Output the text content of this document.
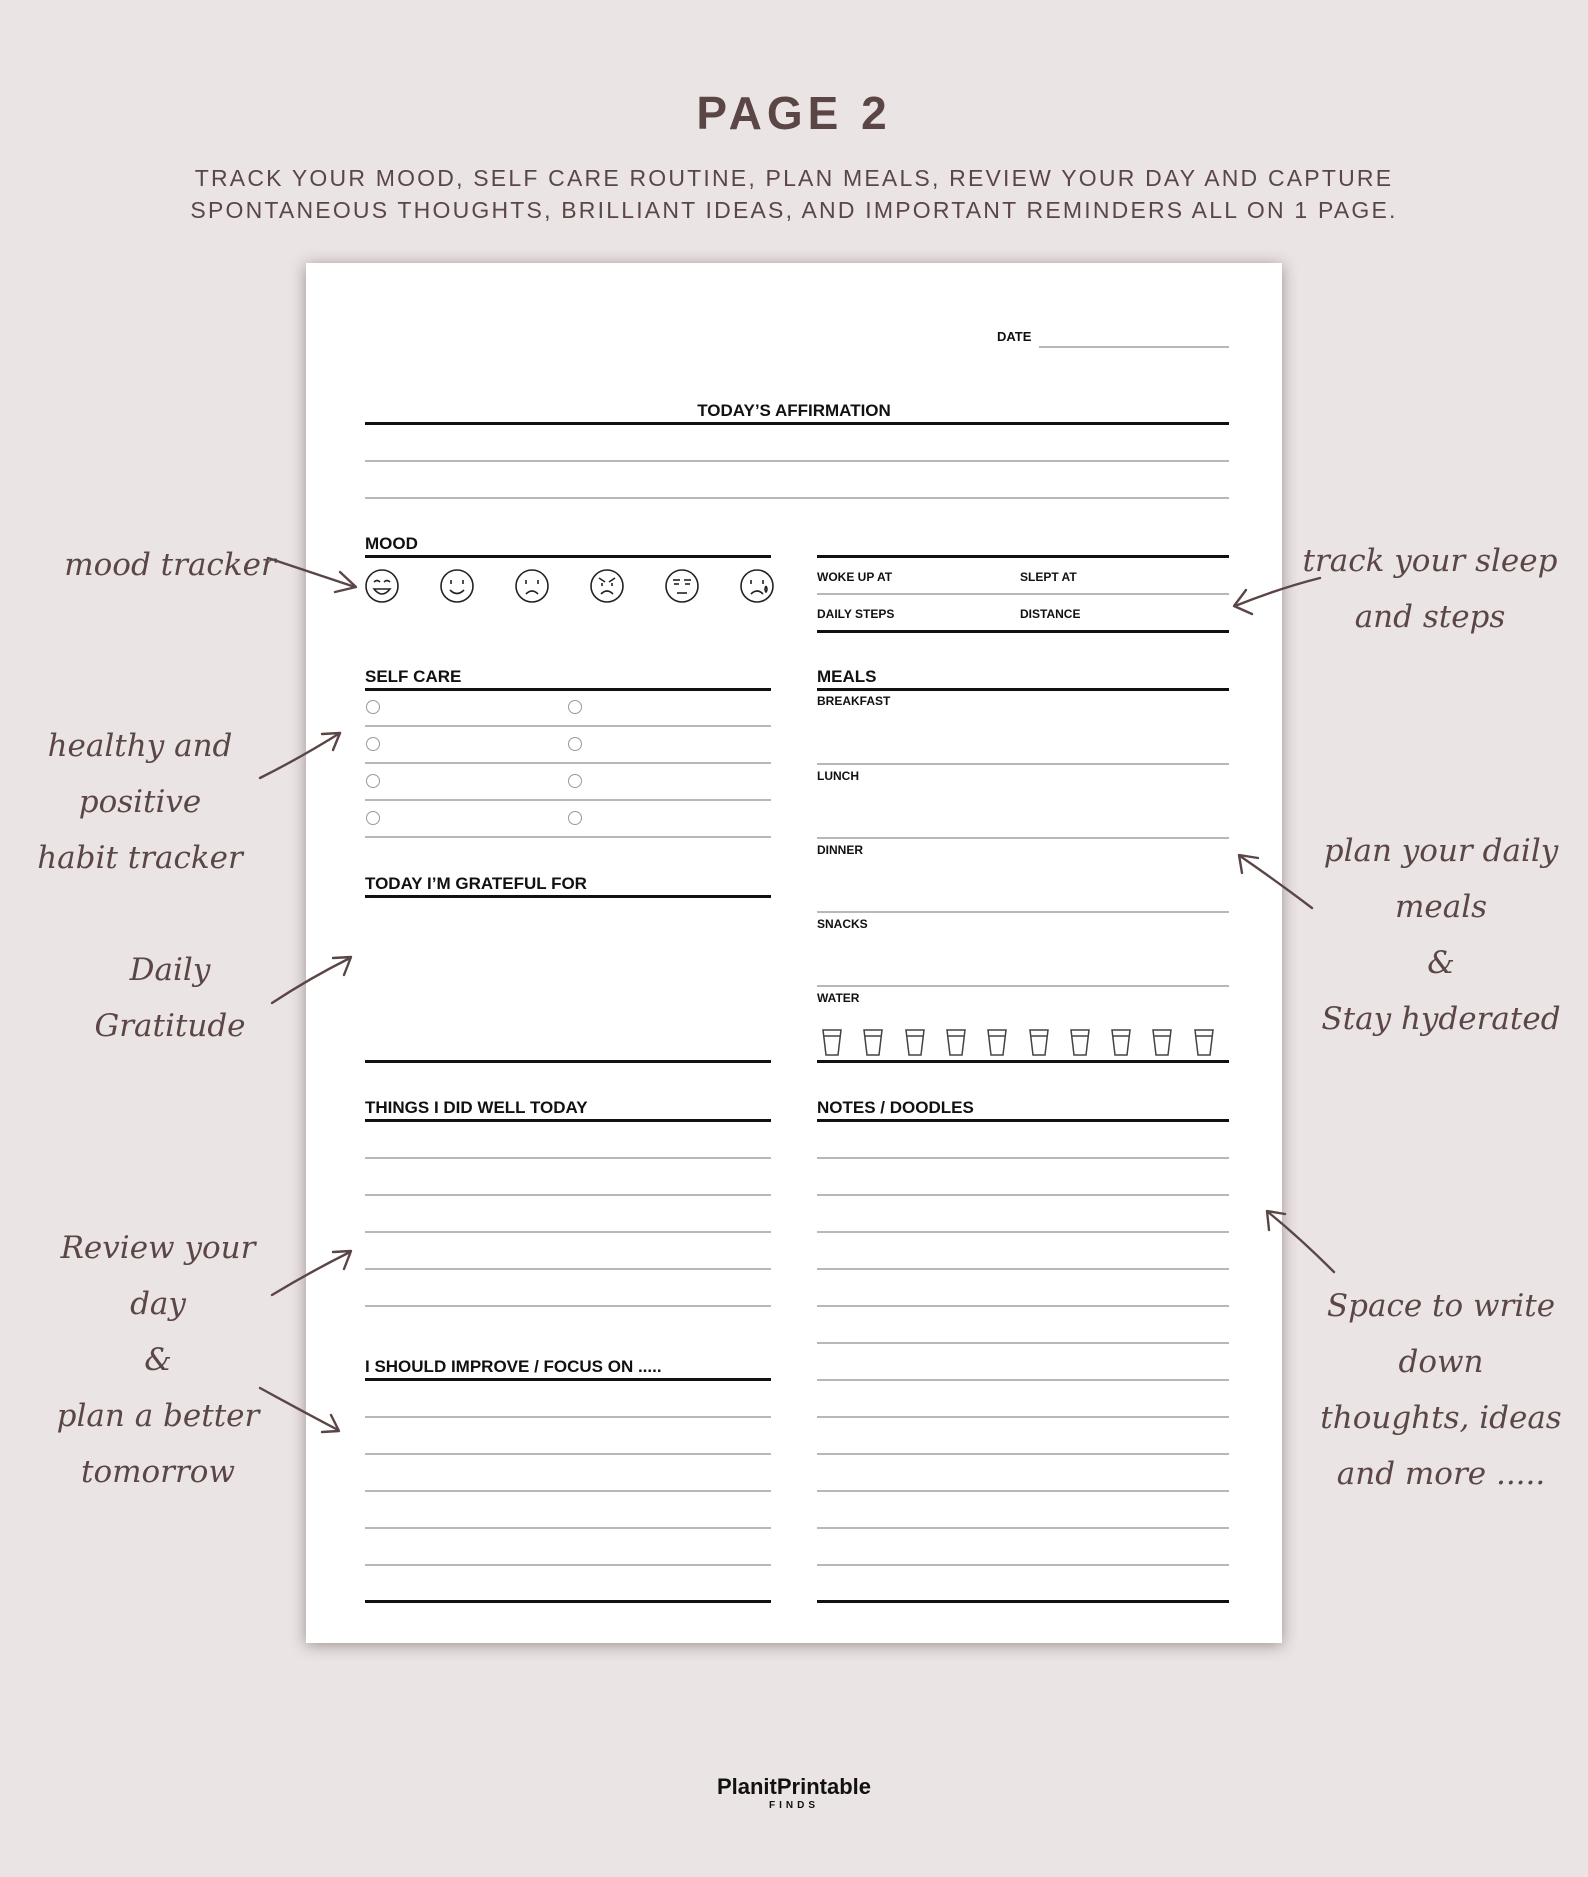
PAGE 2
TRACK YOUR MOOD, SELF CARE ROUTINE, PLAN MEALS, REVIEW YOUR DAY AND CAPTURE
SPONTANEOUS THOUGHTS, BRILLIANT IDEAS, AND IMPORTANT REMINDERS ALL ON 1 PAGE.
DATE
TODAY’S AFFIRMATION
MOOD
WOKE UP AT	SLEPT AT
DAILY STEPS	DISTANCE
SELF CARE
TODAY I’M GRATEFUL FOR
MEALS
BREAKFAST
LUNCH
DINNER
SNACKS
WATER
THINGS I DID WELL TODAY
I SHOULD IMPROVE / FOCUS ON .....
NOTES / DOODLES
mood tracker	track your sleep
and steps
healthy and positive
habit tracker	plan your daily meals
&
Stay hyderated
Daily
Gratitude
Review your day
&
plan a better
tomorrow
Space to write down
thoughts, ideas
and more .....
PlanitPrintable
FINDS
